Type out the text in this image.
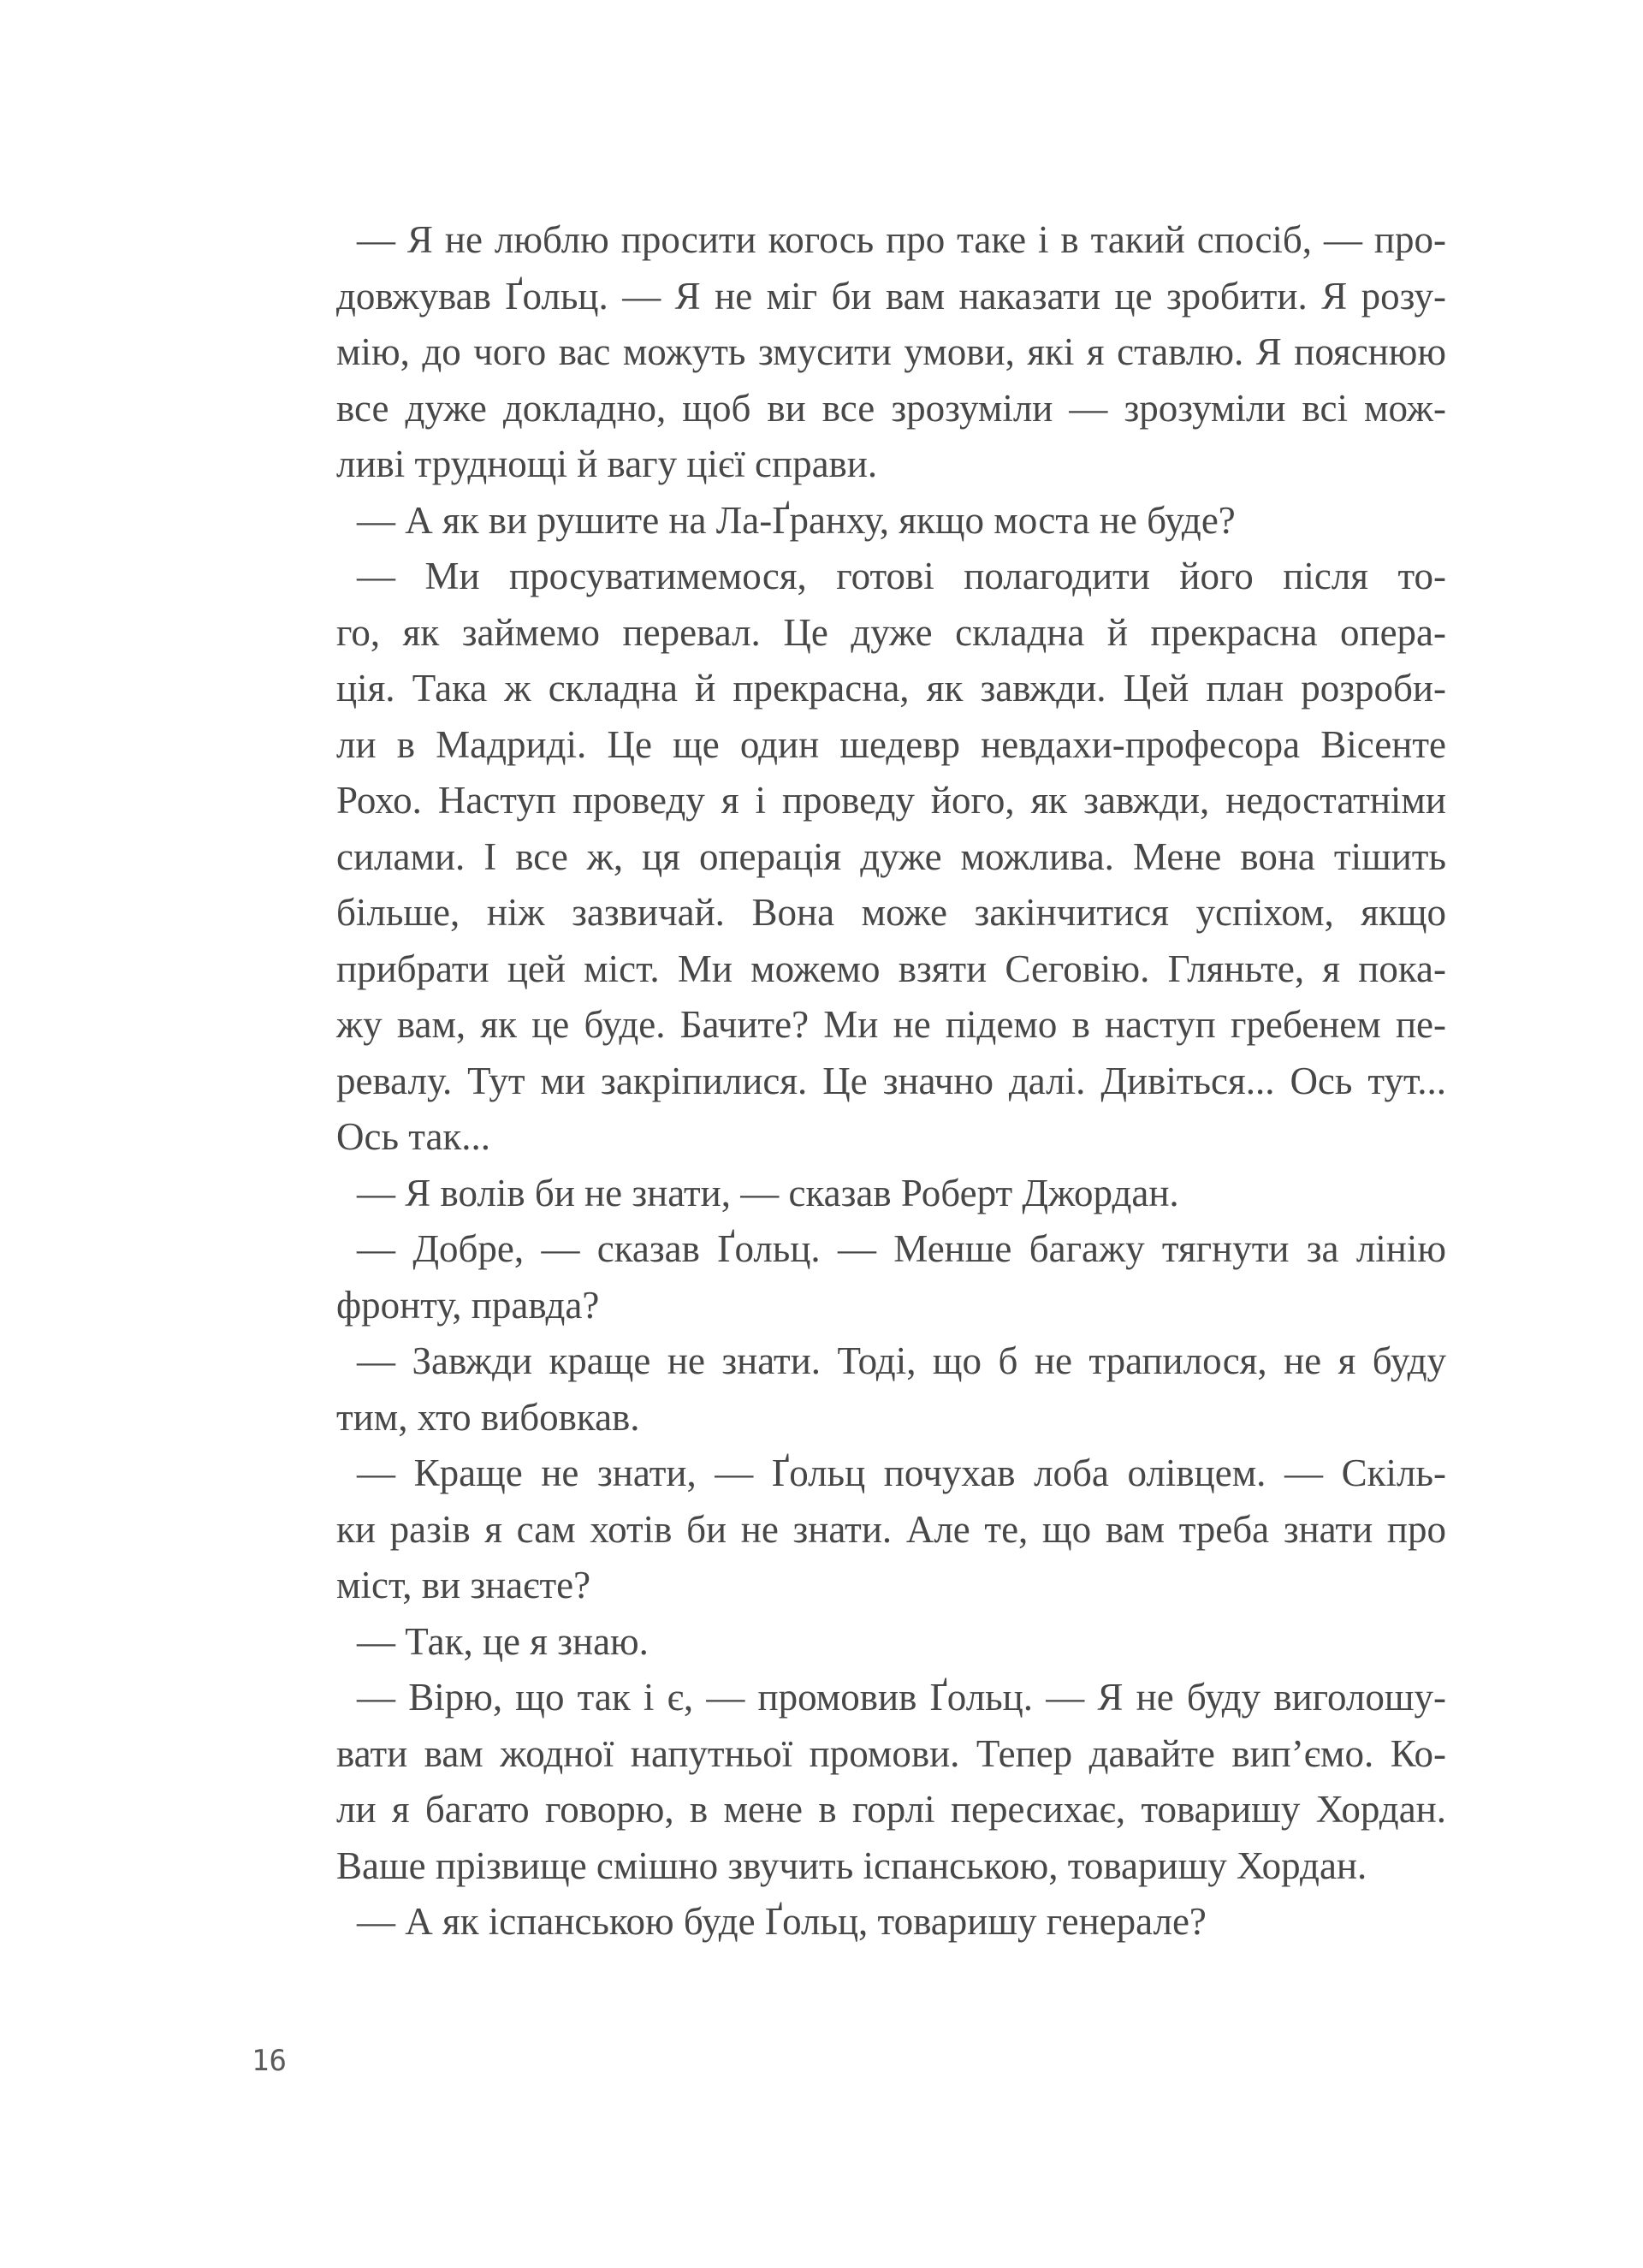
— Я не люблю просити когось про таке і в такий спосіб, — про-
довжував Ґольц. — Я не міг би вам наказати це зробити. Я розу-
мію, до чого вас можуть змусити умови, які я ставлю. Я пояснюю
все дуже докладно, щоб ви все зрозуміли — зрозуміли всі мож-
ливі труднощі й вагу цієї справи.
— А як ви рушите на Ла-Ґранху, якщо моста не буде?
— Ми просуватимемося, готові полагодити його після то-
го, як займемо перевал. Це дуже складна й прекрасна опера-
ція. Така ж складна й прекрасна, як завжди. Цей план розроби-
ли в Мадриді. Це ще один шедевр невдахи-професора Вісенте
Рохо. Наступ проведу я і проведу його, як завжди, недостатніми
силами. І все ж, ця операція дуже можлива. Мене вона тішить
більше, ніж зазвичай. Вона може закінчитися успіхом, якщо
прибрати цей міст. Ми можемо взяти Сеговію. Гляньте, я пока-
жу вам, як це буде. Бачите? Ми не підемо в наступ гребенем пе-
ревалу. Тут ми закріпилися. Це значно далі. Дивіться... Ось тут...
Ось так...
— Я волів би не знати, — сказав Роберт Джордан.
— Добре, — сказав Ґольц. — Менше багажу тягнути за лінію
фронту, правда?
— Завжди краще не знати. Тоді, що б не трапилося, не я буду
тим, хто вибовкав.
— Краще не знати, — Ґольц почухав лоба олівцем. — Скіль-
ки разів я сам хотів би не знати. Але те, що вам треба знати про
міст, ви знаєте?
— Так, це я знаю.
— Вірю, що так і є, — промовив Ґольц. — Я не буду виголошу-
вати вам жодної напутньої промови. Тепер давайте вип’ємо. Ко-
ли я багато говорю, в мене в горлі пересихає, товаришу Хордан.
Ваше прізвище смішно звучить іспанською, товаришу Хордан.
— А як іспанською буде Ґольц, товаришу генерале?
16
